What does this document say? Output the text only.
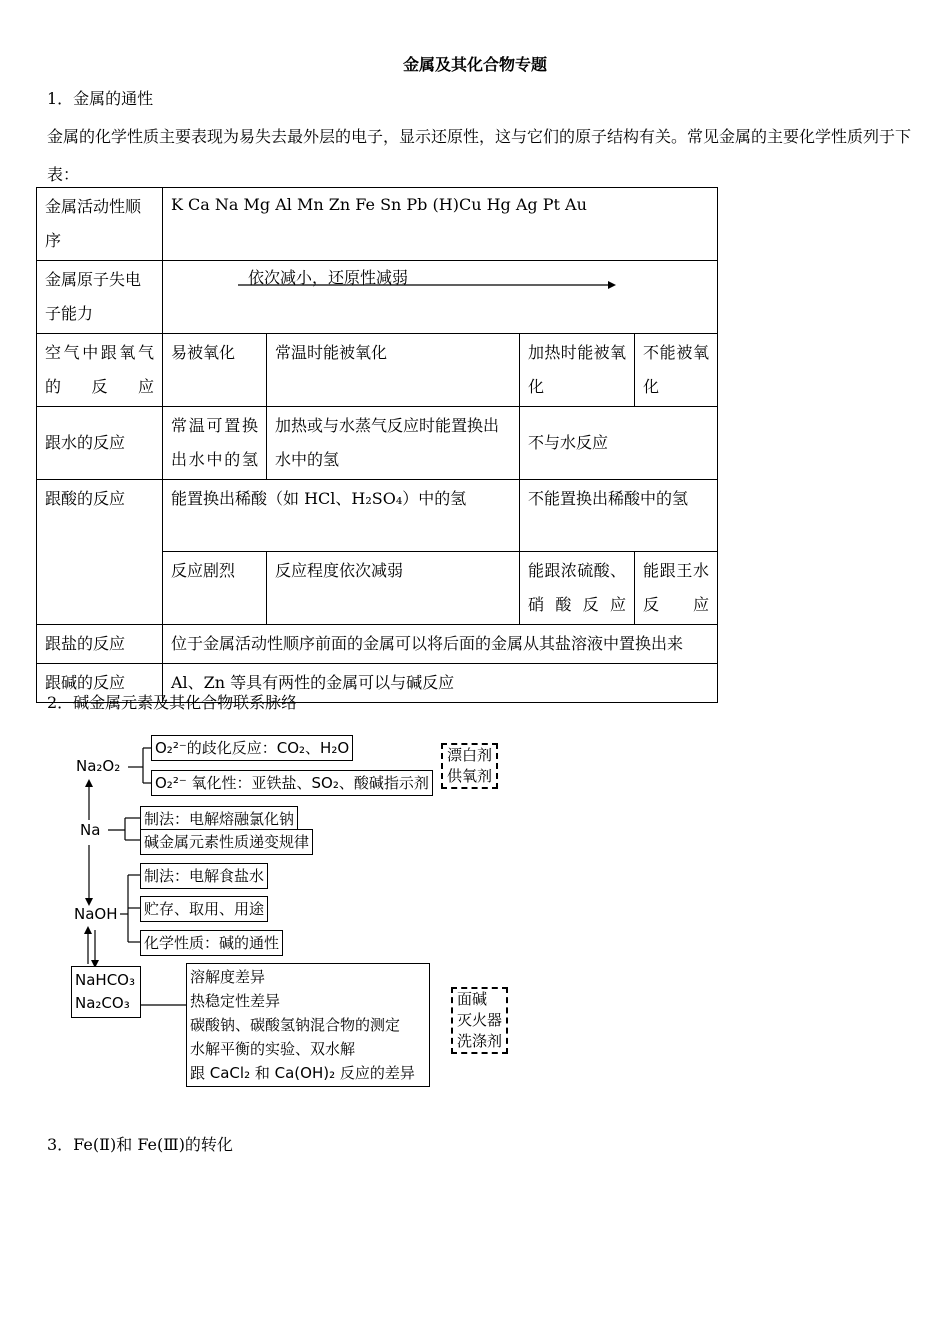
金属及其化合物专题
1．金属的通性
金属的化学性质主要表现为易失去最外层的电子，显示还原性，这与它们的原子结构有关。常见金属的主要化学性质列于下表：
金属活动性顺序	K Ca Na Mg Al Mn Zn Fe Sn Pb (H)Cu Hg Ag Pt Au			
金属原子失电子能力	依次减小，还原性减弱			

空气中跟氧气的反应	易被氧化	常温时能被氧化	加热时能被氧化	不能被氧化
跟水的反应	常温可置换出水中的氢	加热或与水蒸气反应时能置换出水中的氢	不与水反应	
跟酸的反应	能置换出稀酸（如 HCl、H₂SO₄）中的氢		不能置换出稀酸中的氢	
	反应剧烈	反应程度依次减弱	能跟浓硫酸、硝酸反应	能跟王水反应
跟盐的反应	位于金属活动性顺序前面的金属可以将后面的金属从其盐溶液中置换出来			
跟碱的反应	Al、Zn 等具有两性的金属可以与碱反应			
2．碱金属元素及其化合物联系脉络
Na₂O₂
Na
NaOH
NaHCO₃
Na₂CO₃
O₂²⁻的歧化反应：CO₂、H₂O
O₂²⁻ 氧化性：亚铁盐、SO₂、酸碱指示剂
漂白剂
供氧剂
制法：电解熔融氯化钠
碱金属元素性质递变规律
制法：电解食盐水
贮存、取用、用途
化学性质：碱的通性
溶解度差异
热稳定性差异
碳酸钠、碳酸氢钠混合物的测定
水解平衡的实验、双水解
跟 CaCl₂ 和 Ca(OH)₂ 反应的差异
面碱
灭火器
洗涤剂
3．Fe(Ⅱ)和 Fe(Ⅲ)的转化
